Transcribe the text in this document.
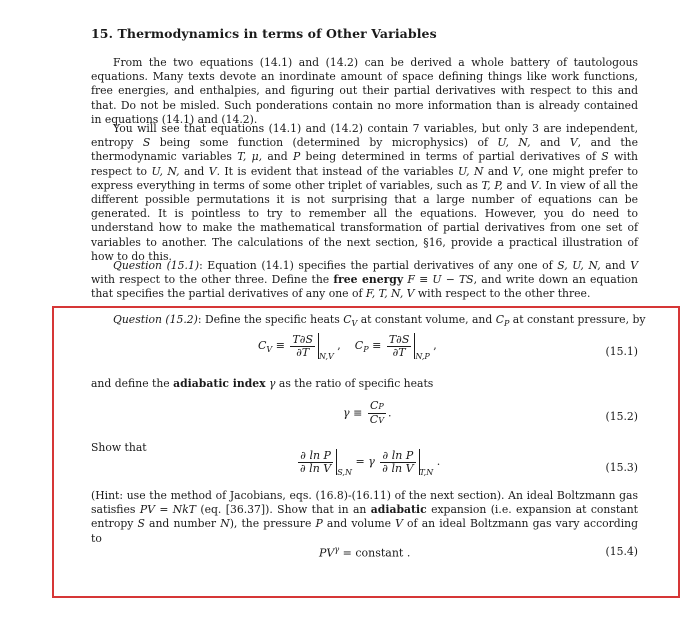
15. Thermodynamics in terms of Other Variables
From the two equations (14.1) and (14.2) can be derived a whole battery of tautologous equations. Many texts devote an inordinate amount of space defining things like work functions, free energies, and enthalpies, and figuring out their partial derivatives with respect to this and that. Do not be misled. Such ponderations contain no more information than is already contained in equations (14.1) and (14.2).
You will see that equations (14.1) and (14.2) contain 7 variables, but only 3 are independent, entropy S being some function (determined by microphysics) of U, N, and V, and the thermodynamic variables T, μ, and P being determined in terms of partial derivatives of S with respect to U, N, and V. It is evident that instead of the variables U, N and V, one might prefer to express everything in terms of some other triplet of variables, such as T, P, and V. In view of all the different possible permutations it is not surprising that a large number of equations can be generated. It is pointless to try to remember all the equations. However, you do need to understand how to make the mathematical transformation of partial derivatives from one set of variables to another. The calculations of the next section, §16, provide a practical illustration of how to do this.
Question (15.1): Equation (14.1) specifies the partial derivatives of any one of S, U, N, and V with respect to the other three. Define the free energy F ≡ U − TS, and write down an equation that specifies the partial derivatives of any one of F, T, N, V with respect to the other three.
Question (15.2): Define the specific heats $C_V$ at constant volume, and $C_P$ at constant pressure, by
$C_V \equiv \frac{T\partial S}{\partial T} _{N,V}$ ,    $C_P \equiv \frac{T\partial S}{\partial T} _{N,P}$ ,	(15.1)
and define the adiabatic index γ as the ratio of specific heats
$\gamma \equiv \frac{CP}{CV}$ .	(15.2)
Show that
$\frac{\text{∂ ln P}}{\text{∂ ln V}} _{S,N} = \gamma \frac{\text{∂ ln P}}{\text{∂ ln V}} _{T,N}$ .	(15.3)
(Hint: use the method of Jacobians, eqs. (16.8)-(16.11) of the next section). An ideal Boltzmann gas satisfies PV = NkT (eq. [36.37]). Show that in an adiabatic expansion (i.e. expansion at constant entropy S and number N), the pressure P and volume V of an ideal Boltzmann gas vary according to
$PV^\gamma$ = constant .	(15.4)
